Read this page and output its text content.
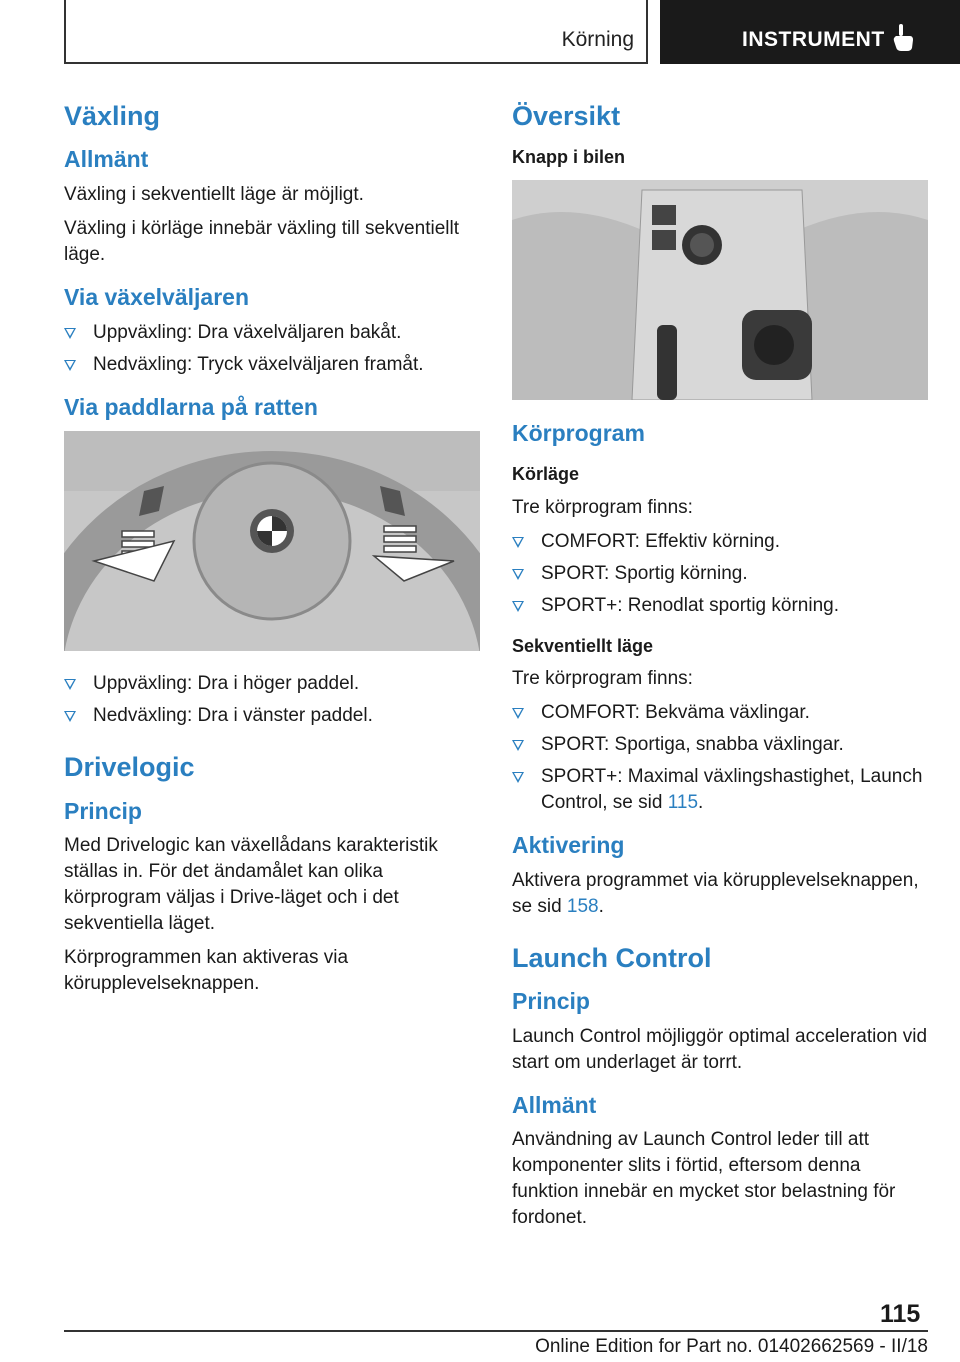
Körning	INSTRUMENT
Växling
Allmänt

Växling i sekventiellt läge är möjligt.

Växling i körläge innebär växling till sekventiellt läge.

Via växelväljaren
Uppväxling: Dra växelväljaren bakåt.
Nedväxling: Tryck växelväljaren framåt.
Via paddlarna på ratten
Uppväxling: Dra i höger paddel.
Nedväxling: Dra i vänster paddel.
Drivelogic
Princip

Med Drivelogic kan växellådans karakteristik ställas in. För det ändamålet kan olika körprogram väljas i Drive-läget och i det sekventiella läget.

Körprogrammen kan aktiveras via körupplevelseknappen.

Översikt
Knapp i bilen
Körprogram
Körläge

Tre körprogram finns:

COMFORT: Effektiv körning.
SPORT: Sportig körning.
SPORT+: Renodlat sportig körning.
Sekventiellt läge

Tre körprogram finns:

COMFORT: Bekväma växlingar.
SPORT: Sportiga, snabba växlingar.
SPORT+: Maximal växlingshastighet, Launch Control, se sid 115.
Aktivering

Aktivera programmet via körupplevelseknappen, se sid 158.

Launch Control
Princip

Launch Control möjliggör optimal acceleration vid start om underlaget är torrt.

Allmänt

Användning av Launch Control leder till att komponenter slits i förtid, eftersom denna funktion innebär en mycket stor belastning för fordonet.

115
Online Edition for Part no. 01402662569 - II/18
